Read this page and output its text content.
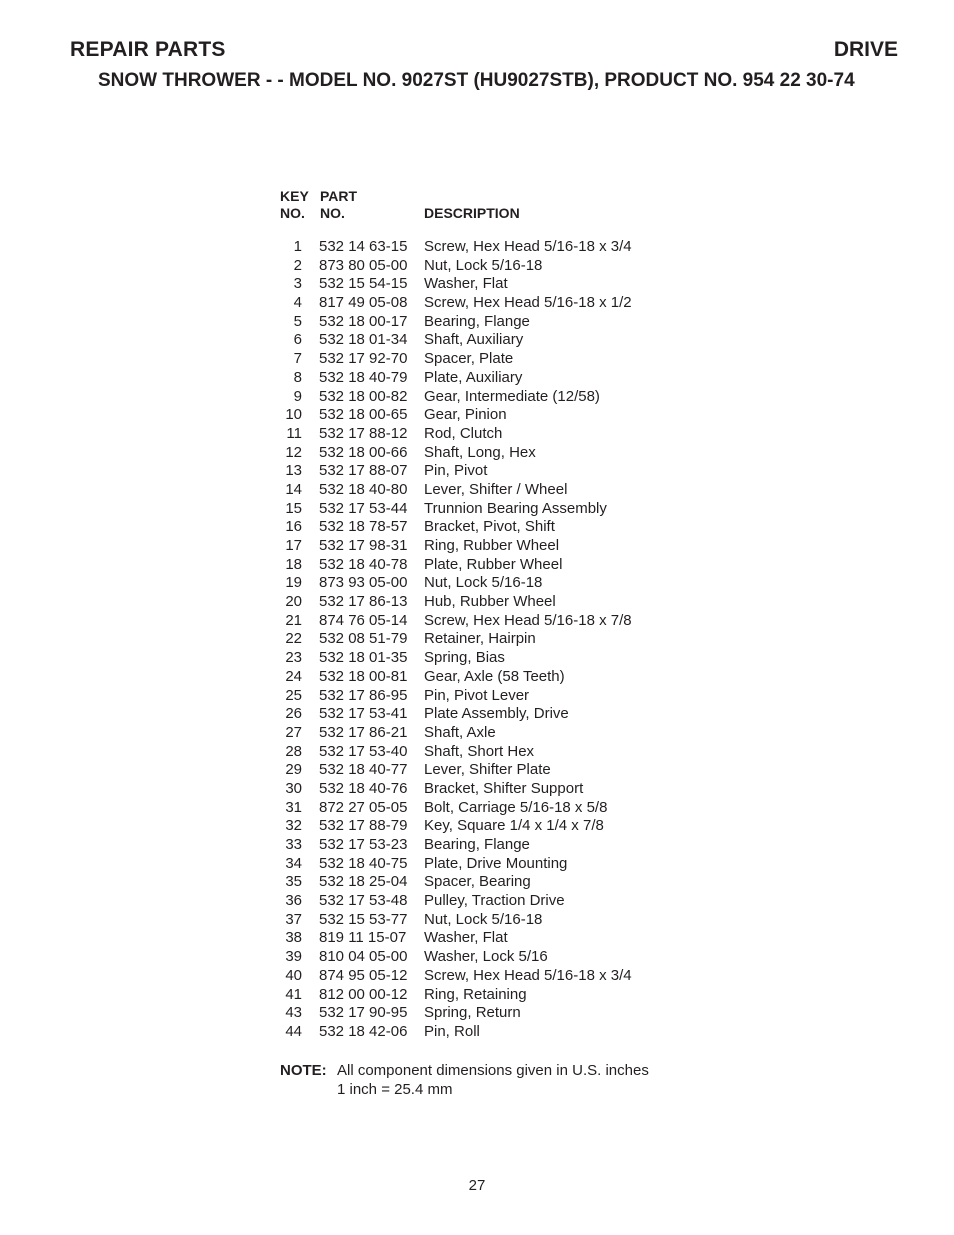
REPAIR PARTS	DRIVE
SNOW THROWER - - MODEL NO. 9027ST (HU9027STB), PRODUCT NO. 954 22 30-74
KEY
NO.
PART
NO.	DESCRIPTION
1	532 14 63-15	Screw, Hex Head 5/16-18 x 3/4
2	873 80 05-00	Nut, Lock 5/16-18
3	532 15 54-15	Washer, Flat
4	817 49 05-08	Screw, Hex Head 5/16-18 x 1/2
5	532 18 00-17	Bearing, Flange
6	532 18 01-34	Shaft, Auxiliary
7	532 17 92-70	Spacer, Plate
8	532 18 40-79	Plate, Auxiliary
9	532 18 00-82	Gear, Intermediate (12/58)
10	532 18 00-65	Gear, Pinion
11	532 17 88-12	Rod, Clutch
12	532 18 00-66	Shaft, Long, Hex
13	532 17 88-07	Pin, Pivot
14	532 18 40-80	Lever, Shifter / Wheel
15	532 17 53-44	Trunnion Bearing Assembly
16	532 18 78-57	Bracket, Pivot, Shift
17	532 17 98-31	Ring, Rubber Wheel
18	532 18 40-78	Plate, Rubber Wheel
19	873 93 05-00	Nut, Lock 5/16-18
20	532 17 86-13	Hub, Rubber Wheel
21	874 76 05-14	Screw, Hex Head 5/16-18 x 7/8
22	532 08 51-79	Retainer, Hairpin
23	532 18 01-35	Spring, Bias
24	532 18 00-81	Gear, Axle (58 Teeth)
25	532 17 86-95	Pin, Pivot Lever
26	532 17 53-41	Plate Assembly, Drive
27	532 17 86-21	Shaft, Axle
28	532 17 53-40	Shaft, Short Hex
29	532 18 40-77	Lever, Shifter Plate
30	532 18 40-76	Bracket, Shifter Support
31	872 27 05-05	Bolt, Carriage 5/16-18 x 5/8
32	532 17 88-79	Key, Square 1/4 x 1/4 x 7/8
33	532 17 53-23	Bearing, Flange
34	532 18 40-75	Plate, Drive Mounting
35	532 18 25-04	Spacer, Bearing
36	532 17 53-48	Pulley, Traction Drive
37	532 15 53-77	Nut, Lock 5/16-18
38	819 11 15-07	Washer, Flat
39	810 04 05-00	Washer, Lock 5/16
40	874 95 05-12	Screw, Hex Head 5/16-18 x 3/4
41	812 00 00-12	Ring, Retaining
43	532 17 90-95	Spring, Return
44	532 18 42-06	Pin, Roll
NOTE: All component dimensions given in U.S. inches
1 inch = 25.4 mm
27
